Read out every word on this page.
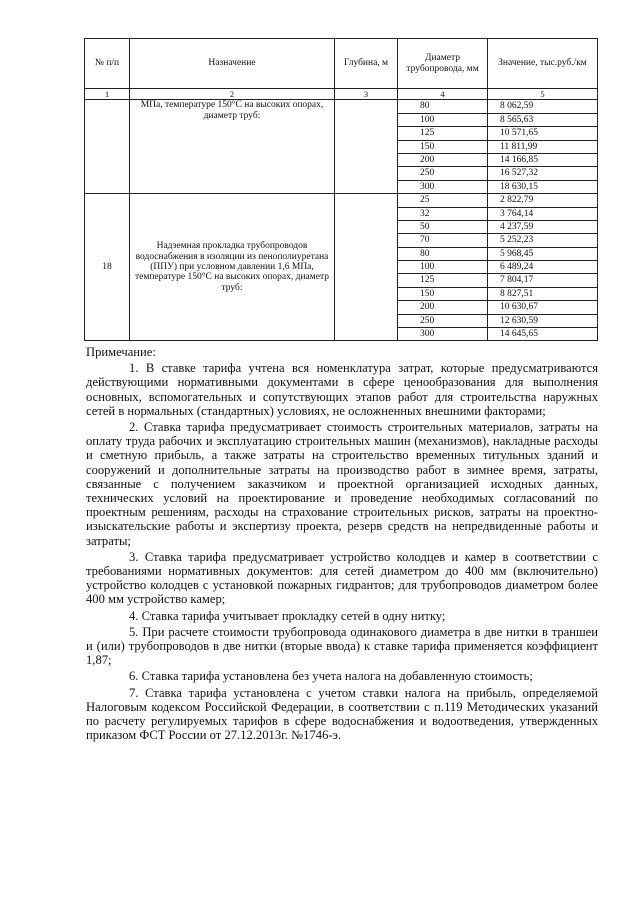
№ п/п	Назначение	Глубина, м	Диаметр трубопровода, мм	Значение, тыс.руб./км
1	2	3	4	5
	МПа, температуре 150°С на высоких опорах, диаметр труб:		80	8 062,59
			100	8 565,63
			125	10 571,65
			150	11 811,99
			200	14 166,85
			250	16 527,32
			300	18 630,15
18	Надземная прокладка трубопроводов водоснабжения в изоляции из пенополиуретана (ППУ) при условном давлении 1,6 МПа, температуре 150°С на высоких опорах, диаметр труб:		25	2 822,79
			32	3 764,14
			50	4 237,59
			70	5 252,23
			80	5 968,45
			100	6 489,24
			125	7 804,17
			150	8 827,51
			200	10 630,67
			250	12 630,59
			300	14 645,65
Примечание:

1. В ставке тарифа учтена вся номенклатура затрат, которые предусматриваются действующими нормативными документами в сфере ценообразования для выполнения основных, вспомогательных и сопутствующих этапов работ для строительства наружных сетей в нормальных (стандартных) условиях, не осложненных внешними факторами;

2. Ставка тарифа предусматривает стоимость строительных материалов, затраты на оплату труда рабочих и эксплуатацию строительных машин (механизмов), накладные расходы и сметную прибыль, а также затраты на строительство временных титульных зданий и сооружений и дополнительные затраты на производство работ в зимнее время, затраты, связанные с получением заказчиком и проектной организацией исходных данных, технических условий на проектирование и проведение необходимых согласований по проектным решениям, расходы на страхование строительных рисков, затраты на проектно-изыскательские работы и экспертизу проекта, резерв средств на непредвиденные работы и затраты;

3. Ставка тарифа предусматривает устройство колодцев и камер в соответствии с требованиями нормативных документов: для сетей диаметром до 400 мм (включительно) устройство колодцев с установкой пожарных гидрантов; для трубопроводов диаметром более 400 мм устройство камер;

4. Ставка тарифа учитывает прокладку сетей в одну нитку;

5. При расчете стоимости трубопровода одинакового диаметра в две нитки в траншеи и (или) трубопроводов в две нитки (вторые ввода) к ставке тарифа применяется коэффициент 1,87;

6. Ставка тарифа установлена без учета налога на добавленную стоимость;

7. Ставка тарифа установлена с учетом ставки налога на прибыль, определяемой Налоговым кодексом Российской Федерации, в соответствии с п.119 Методических указаний по расчету регулируемых тарифов в сфере водоснабжения и водоотведения, утвержденных приказом ФСТ России от 27.12.2013г. №1746-э.
